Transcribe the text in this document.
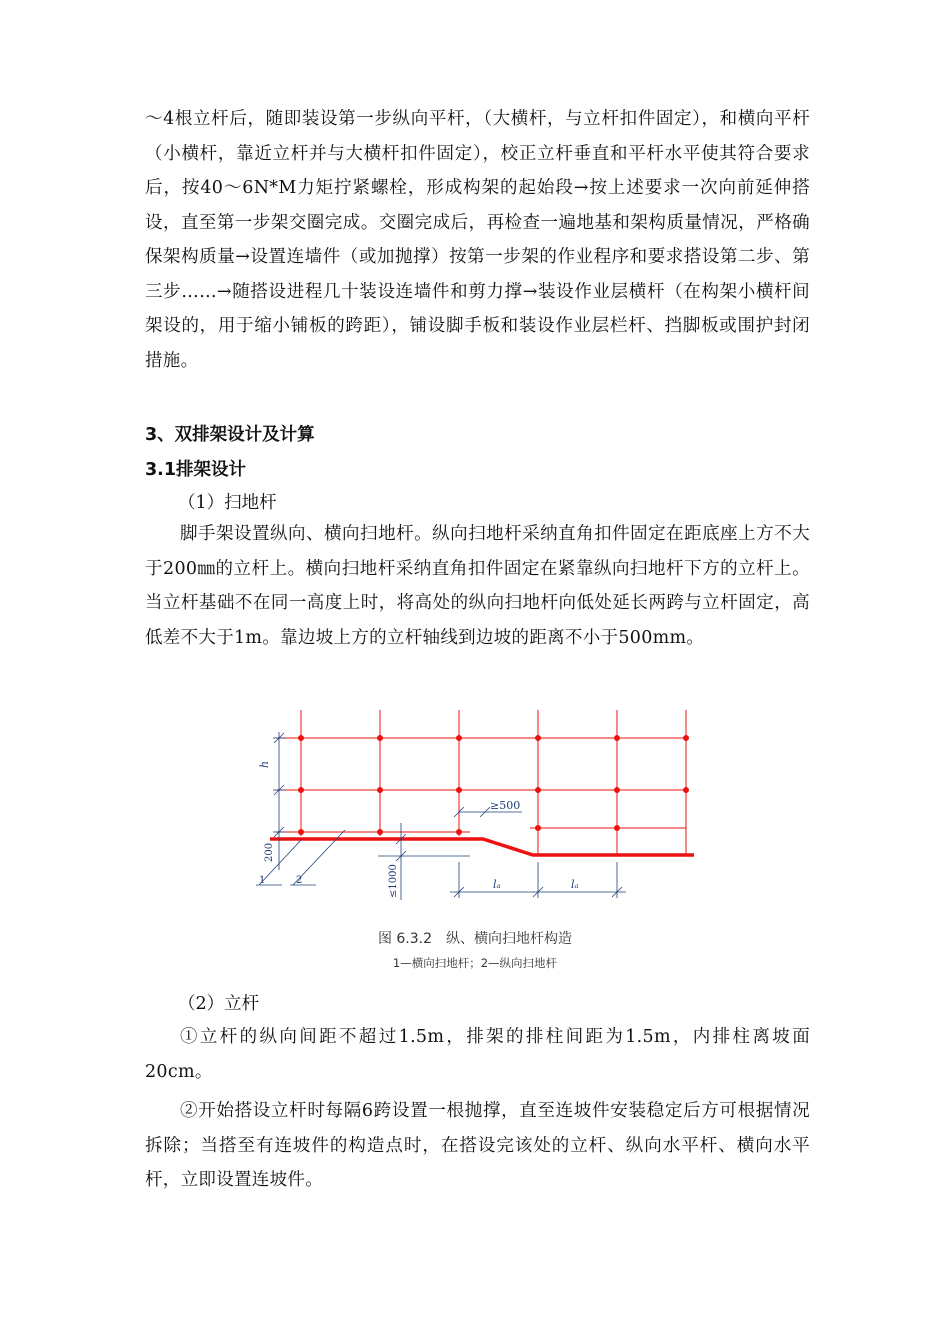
～4根立杆后，随即装设第一步纵向平杆，（大横杆，与立杆扣件固定），和横向平杆（小横杆，靠近立杆并与大横杆扣件固定），校正立杆垂直和平杆水平使其符合要求后，按40～6N*M力矩拧紧螺栓，形成构架的起始段→按上述要求一次向前延伸搭设，直至第一步架交圈完成。交圈完成后，再检查一遍地基和架构质量情况，严格确保架构质量→设置连墙件（或加抛撑）按第一步架的作业程序和要求搭设第二步、第三步……→随搭设进程几十装设连墙件和剪力撑→装设作业层横杆（在构架小横杆间架设的，用于缩小铺板的跨距），铺设脚手板和装设作业层栏杆、挡脚板或围护封闭措施。

3、双排架设计及计算
3.1排架设计
（1）扫地杆

脚手架设置纵向、横向扫地杆。纵向扫地杆采纳直角扣件固定在距底座上方不大于200㎜的立杆上。横向扫地杆采纳直角扣件固定在紧靠纵向扫地杆下方的立杆上。当立杆基础不在同一高度上时，将高处的纵向扫地杆向低处延长两跨与立杆固定，高低差不大于1m。靠边坡上方的立杆轴线到边坡的距离不小于500mm。

h
≥500
200
≤1000	lₐ	lₐ
1	2
图 6.3.2　纵、横向扫地杆构造
1—横向扫地杆；2—纵向扫地杆
（2）立杆

①立杆的纵向间距不超过1.5m，排架的排柱间距为1.5m，内排柱离坡面20cm。

②开始搭设立杆时每隔6跨设置一根抛撑，直至连坡件安装稳定后方可根据情况拆除；当搭至有连坡件的构造点时，在搭设完该处的立杆、纵向水平杆、横向水平杆，立即设置连坡件。
